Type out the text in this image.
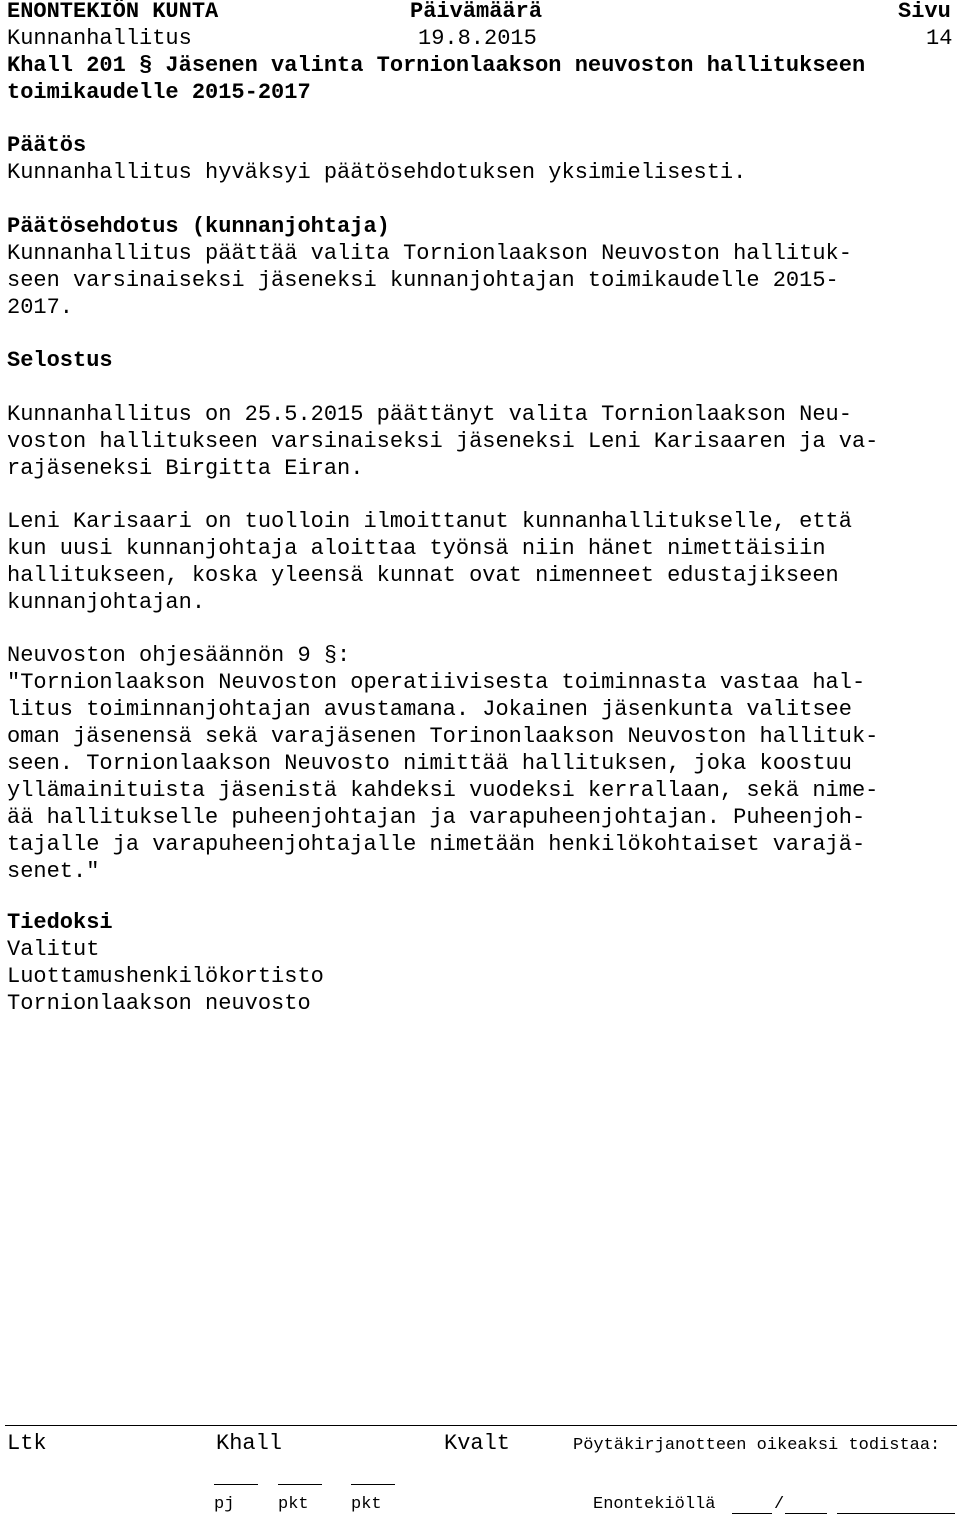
ENONTEKIÖN KUNTA	Päivämäärä	Sivu
Kunnanhallitus	19.8.2015	14
Khall 201 § Jäsenen valinta Tornionlaakson neuvoston hallitukseen
toimikaudelle 2015-2017
Päätös
Kunnanhallitus hyväksyi päätösehdotuksen yksimielisesti.
Päätösehdotus (kunnanjohtaja)
Kunnanhallitus päättää valita Tornionlaakson Neuvoston hallituk-
seen varsinaiseksi jäseneksi kunnanjohtajan toimikaudelle 2015-
2017.
Selostus
Kunnanhallitus on 25.5.2015 päättänyt valita Tornionlaakson Neu-
voston hallitukseen varsinaiseksi jäseneksi Leni Karisaaren ja va-
rajäseneksi Birgitta Eiran.
Leni Karisaari on tuolloin ilmoittanut kunnanhallitukselle, että
kun uusi kunnanjohtaja aloittaa työnsä niin hänet nimettäisiin
hallitukseen, koska yleensä kunnat ovat nimenneet edustajikseen
kunnanjohtajan.
Neuvoston ohjesäännön 9 §:
"Tornionlaakson Neuvoston operatiivisesta toiminnasta vastaa hal-
litus toiminnanjohtajan avustamana. Jokainen jäsenkunta valitsee
oman jäsenensä sekä varajäsenen Torinonlaakson Neuvoston hallituk-
seen. Tornionlaakson Neuvosto nimittää hallituksen, joka koostuu
yllämainituista jäsenistä kahdeksi vuodeksi kerrallaan, sekä nime-
ää hallitukselle puheenjohtajan ja varapuheenjohtajan. Puheenjoh-
tajalle ja varapuheenjohtajalle nimetään henkilökohtaiset varajä-
senet."
Tiedoksi
Valitut
Luottamushenkilökortisto
Tornionlaakson neuvosto
Ltk	Khall	Kvalt	Pöytäkirjanotteen oikeaksi todistaa:
pj	pkt pkt	Enontekiöllä	/
